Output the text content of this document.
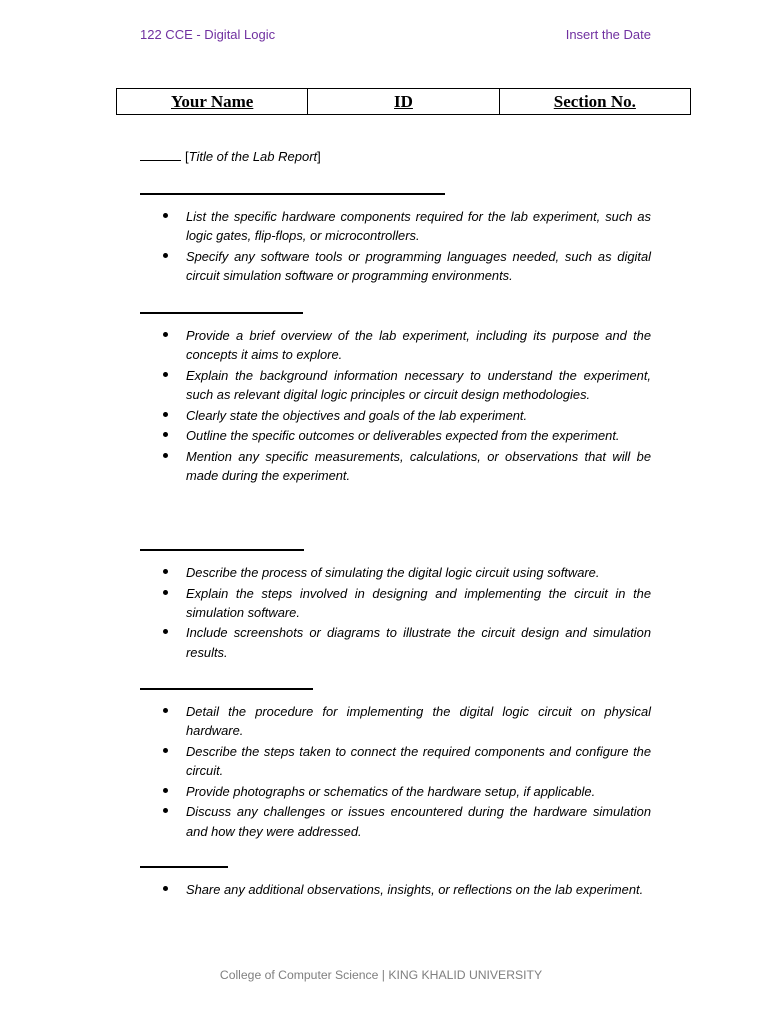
122 CCE - Digital Logic	Insert the Date
Your Name	ID	Section No.
[Title of the Lab Report]
List the specific hardware components required for the lab experiment, such as logic gates, flip-flops, or microcontrollers.
Specify any software tools or programming languages needed, such as digital circuit simulation software or programming environments.
Provide a brief overview of the lab experiment, including its purpose and the concepts it aims to explore.
Explain the background information necessary to understand the experiment, such as relevant digital logic principles or circuit design methodologies.
Clearly state the objectives and goals of the lab experiment.
Outline the specific outcomes or deliverables expected from the experiment.
Mention any specific measurements, calculations, or observations that will be made during the experiment.
Describe the process of simulating the digital logic circuit using software.
Explain the steps involved in designing and implementing the circuit in the simulation software.
Include screenshots or diagrams to illustrate the circuit design and simulation results.
Detail the procedure for implementing the digital logic circuit on physical hardware.
Describe the steps taken to connect the required components and configure the circuit.
Provide photographs or schematics of the hardware setup, if applicable.
Discuss any challenges or issues encountered during the hardware simulation and how they were addressed.
Share any additional observations, insights, or reflections on the lab experiment.
College of Computer Science | KING KHALID UNIVERSITY
